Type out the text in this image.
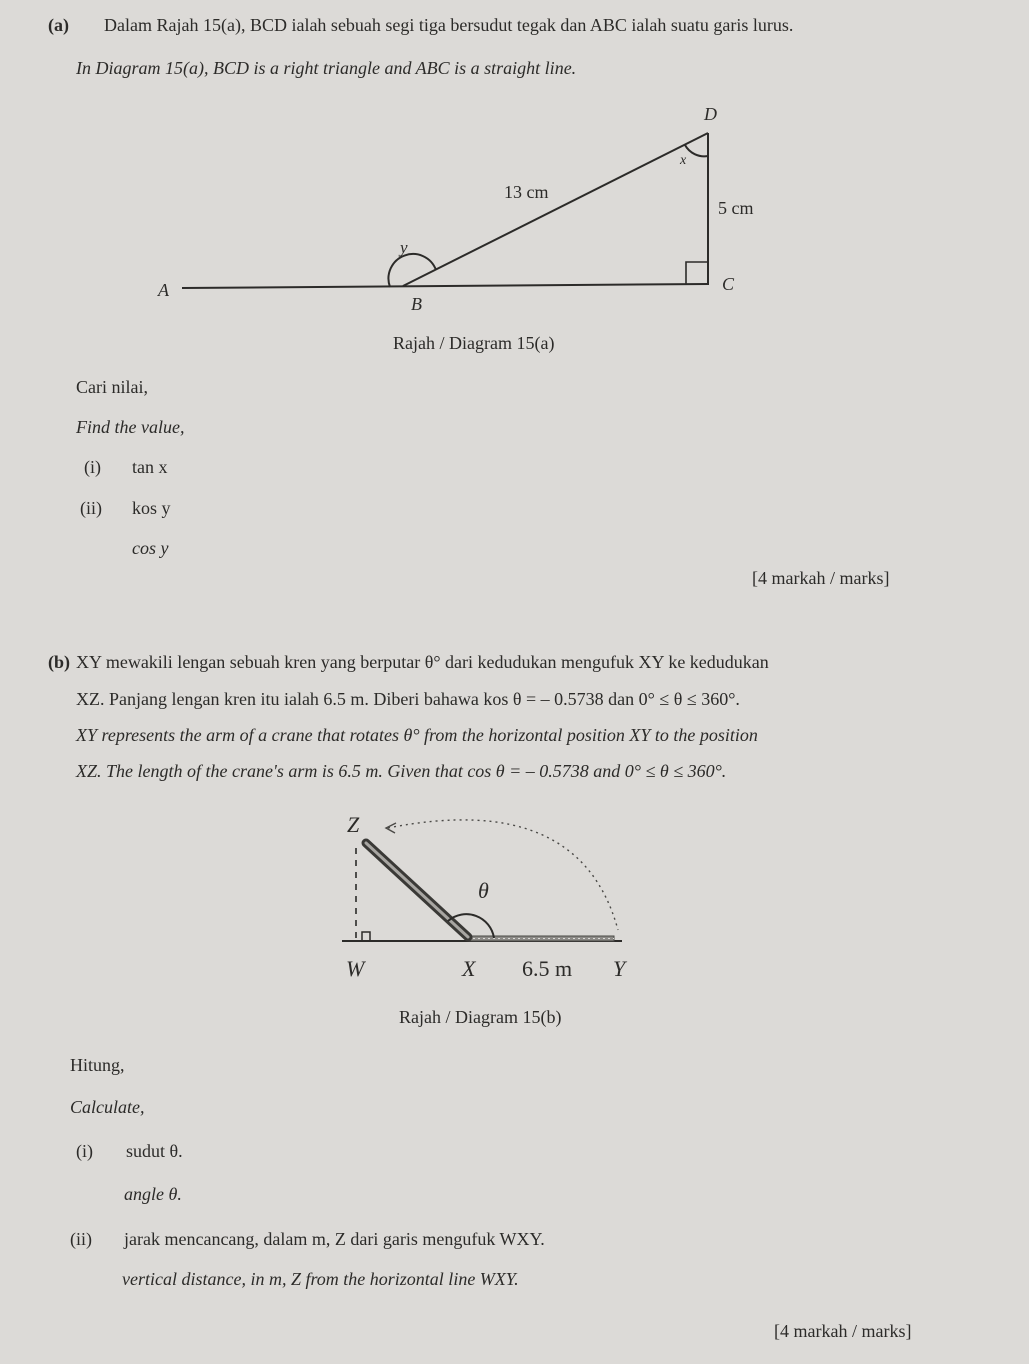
(a) Dalam Rajah 15(a), BCD ialah sebuah segi tiga bersudut tegak dan ABC ialah suatu garis lurus.
In Diagram 15(a), BCD is a right triangle and ABC is a straight line.
A
B
C
D
x
y
13 cm
5 cm
Rajah / Diagram 15(a)
Cari nilai,
Find the value,
(i) tan x
(ii) kos y
cos y
[4 markah / marks]
(b) XY mewakili lengan sebuah kren yang berputar θ° dari kedudukan mengufuk XY ke kedudukan
XZ. Panjang lengan kren itu ialah 6.5 m. Diberi bahawa kos θ = – 0.5738 dan 0° ≤ θ ≤ 360°.
XY represents the arm of a crane that rotates θ° from the horizontal position XY to the position
XZ. The length of the crane's arm is 6.5 m. Given that cos θ = – 0.5738 and 0° ≤ θ ≤ 360°.
Z
W	X	Y
θ
6.5 m
Rajah / Diagram 15(b)
Hitung,
Calculate,
(i) sudut θ.
angle θ.
(ii) jarak mencancang, dalam m, Z dari garis mengufuk WXY.
vertical distance, in m, Z from the horizontal line WXY.
[4 markah / marks]
